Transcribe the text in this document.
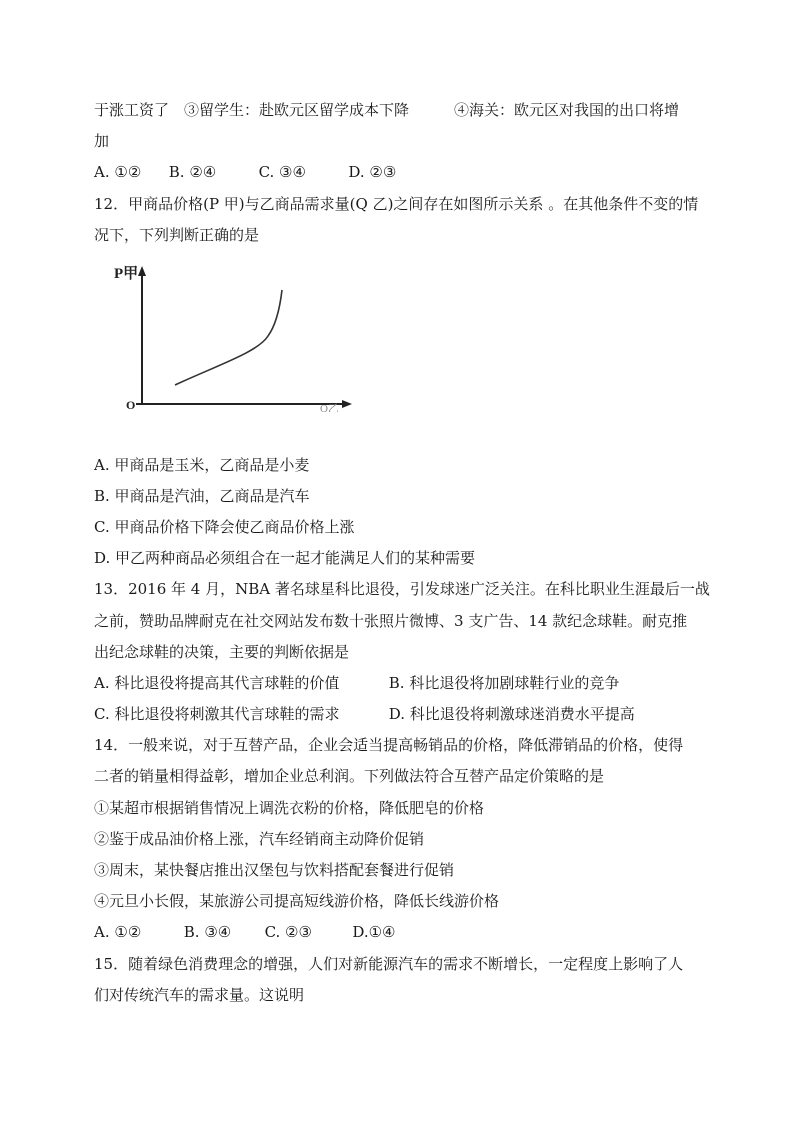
于涨工资了　③留学生：赴欧元区留学成本下降　　　④海关：欧元区对我国的出口将增
加
A. ①② B. ②④	C. ③④	D. ②③
12．甲商品价格(P 甲)与乙商品需求量(Q 乙)之间存在如图所示关系 。在其他条件不变的情
况下，下列判断正确的是
P甲
O	Q乙
A. 甲商品是玉米，乙商品是小麦
B. 甲商品是汽油，乙商品是汽车
C. 甲商品价格下降会使乙商品价格上涨
D. 甲乙两种商品必须组合在一起才能满足人们的某种需要
13．2016 年 4 月，NBA 著名球星科比退役，引发球迷广泛关注。在科比职业生涯最后一战
之前，赞助品牌耐克在社交网站发布数十张照片微博、3 支广告、14 款纪念球鞋。耐克推
出纪念球鞋的决策，主要的判断依据是
A. 科比退役将提高其代言球鞋的价值	B. 科比退役将加剧球鞋行业的竞争
C. 科比退役将刺激其代言球鞋的需求	D. 科比退役将刺激球迷消费水平提高
14．一般来说，对于互替产品，企业会适当提高畅销品的价格，降低滞销品的价格，使得
二者的销量相得益彰，增加企业总利润。下列做法符合互替产品定价策略的是
①某超市根据销售情况上调洗衣粉的价格，降低肥皂的价格
②鉴于成品油价格上涨，汽车经销商主动降价促销
③周末，某快餐店推出汉堡包与饮料搭配套餐进行促销
④元旦小长假，某旅游公司提高短线游价格，降低长线游价格
A. ①②	B. ③④ C. ②③	D.①④
15．随着绿色消费理念的增强，人们对新能源汽车的需求不断增长，一定程度上影响了人
们对传统汽车的需求量。这说明
